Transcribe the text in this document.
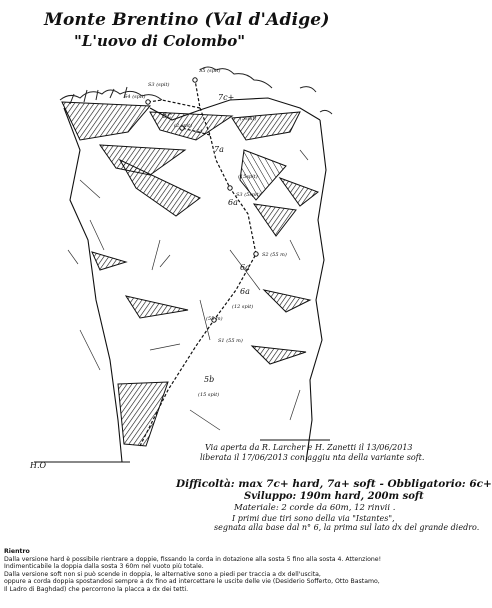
Monte Brentino (Val d'Adige)
"L'uovo di Colombo"
7c+
6c
7a
6a
6a
6a
5b
S5 (spit)
S4 (spit)
S3 (spit)
(2 spit)
S4
(15spit)
S3 (5spit)
S2 (55 m)
(12 spit)
S1 (55 m)
(15 spit)
(5spit)
(55 m)
H.O
Via aperta da R. Larcher e H. Zanetti il 13/06/2013
liberata il 17/06/2013 con aggiu nta della variante soft.
Difficoltà: max 7c+ hard, 7a+ soft - Obbligatorio: 6c+
Sviluppo: 190m hard, 200m soft
Materiale: 2 corde da 60m, 12 rinvii .
I primi due tiri sono della via "Istantes",
segnata alla base dal n° 6, la prima sul lato dx del grande diedro.

Rientro

Dalla versione hard è possibile rientrare a doppie, fissando la corda in dotazione alla sosta 5 fino alla sosta 4. Attenzione!

Indimenticabile la doppia dalla sosta 3 60m nel vuoto più totale.

Dalla versione soft non si può scende in doppia, le alternative sono a piedi per traccia a dx dell'uscita,

oppure a corda doppia spostandosi sempre a dx fino ad intercettare le uscite delle vie (Desiderio Sofferto, Otto Bastamo,

Il Ladro di Baghdad) che percorrono la placca a dx dei tetti.
